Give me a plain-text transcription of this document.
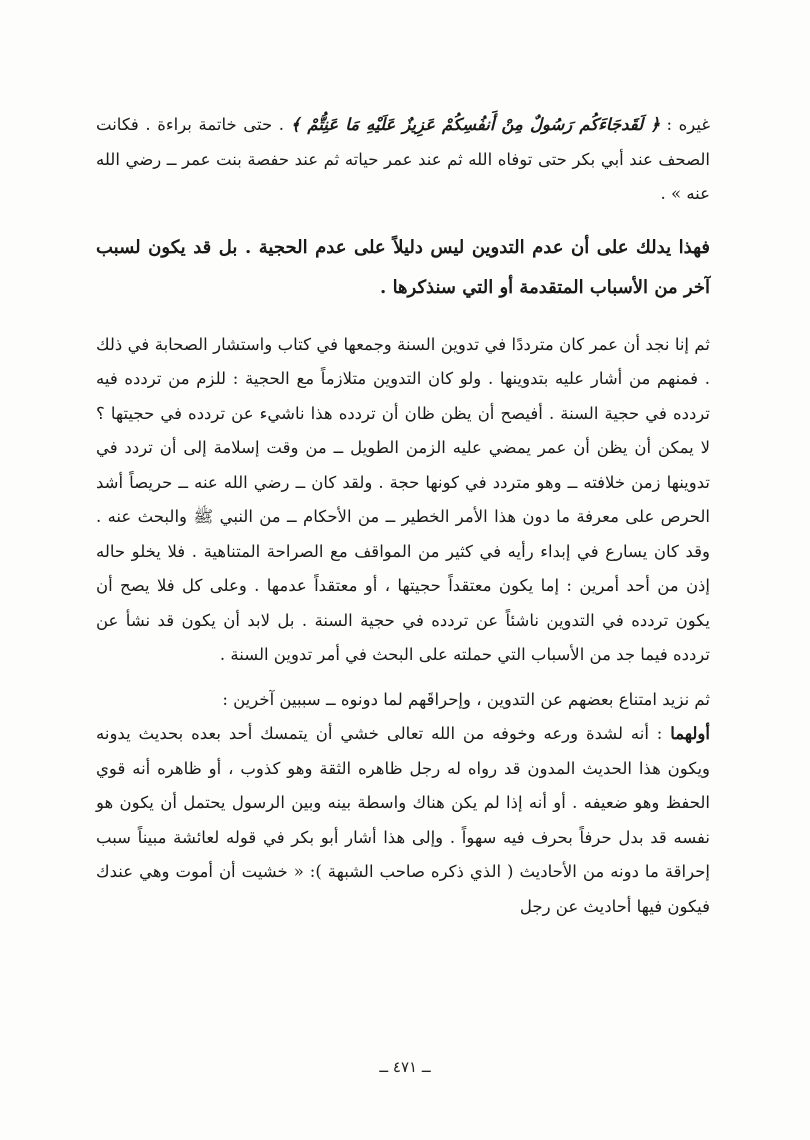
غيره : ﴿ لَقَدجَاءَكُم رَسُولٌ مِنْ أَنفُسِكُمْ عَزِيزٌ عَلَيْهِ مَا عَنِتُّمْ ﴾ . حتى خاتمة براءة . فكانت الصحف عند أبي بكر حتى توفاه الله ثم عند عمر حياته ثم عند حفصة بنت عمر ــ رضي الله عنه » .

فهذا يدلك على أن عدم التدوين ليس دليلاً على عدم الحجية . بل قد يكون لسبب آخر من الأسباب المتقدمة أو التي سنذكرها .

ثم إنا نجد أن عمر كان مترددًا في تدوين السنة وجمعها في كتاب واستشار الصحابة في ذلك . فمنهم من أشار عليه بتدوينها . ولو كان التدوين متلازماً مع الحجية : للزم من تردده فيه تردده في حجية السنة . أفيصح أن يظن ظان أن تردده هذا ناشيء عن تردده في حجيتها ؟ لا يمكن أن يظن أن عمر يمضي عليه الزمن الطويل ــ من وقت إسلامة إلى أن تردد في تدوينها زمن خلافته ــ وهو متردد في كونها حجة . ولقد كان ــ رضي الله عنه ــ حريصاً أشد الحرص على معرفة ما دون هذا الأمر الخطير ــ من الأحكام ــ من النبي ﷺ والبحث عنه . وقد كان يسارع في إبداء رأيه في كثير من المواقف مع الصراحة المتناهية . فلا يخلو حاله إذن من أحد أمرين : إما يكون معتقداً حجيتها ، أو معتقداً عدمها . وعلى كل فلا يصح أن يكون تردده في التدوين ناشئاً عن تردده في حجية السنة . بل لابد أن يكون قد نشأ عن تردده فيما جد من الأسباب التي حملته على البحث في أمر تدوين السنة .

ثم نزيد امتناع بعضهم عن التدوين ، وإحراقَهم لما دونوه ــ سببين آخرين :

أولهما : أنه لشدة ورعه وخوفه من الله تعالى خشي أن يتمسك أحد بعده بحديث يدونه ويكون هذا الحديث المدون قد رواه له رجل ظاهره الثقة وهو كذوب ، أو ظاهره أنه قوي الحفظ وهو ضعيفه . أو أنه إذا لم يكن هناك واسطة بينه وبين الرسول يحتمل أن يكون هو نفسه قد بدل حرفاً بحرف فيه سهواً . وإلى هذا أشار أبو بكر في قوله لعائشة مبيناً سبب إحراقة ما دونه من الأحاديث ( الذي ذكره صاحب الشبهة ): « خشيت أن أموت وهي عندك فيكون فيها أحاديث عن رجل

ــ ٤٧١ ــ
